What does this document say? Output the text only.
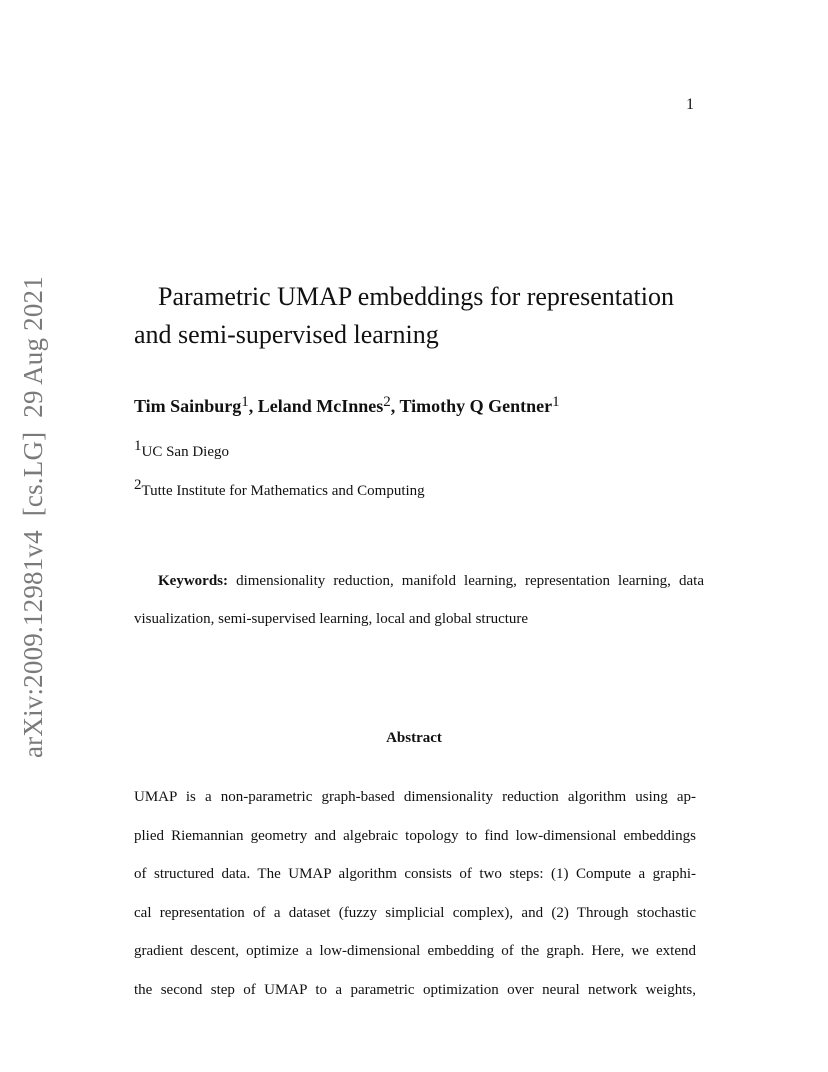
1
arXiv:2009.12981v4  [cs.LG]  29 Aug 2021	Parametric UMAP embeddings for representation
and semi-supervised learning
Tim Sainburg$^1$, Leland McInnes$^2$, Timothy Q Gentner$^1$
$^1$UC San Diego
$^2$Tutte Institute for Mathematics and Computing

Keywords: dimensionality reduction, manifold learning, representation learning, data visualization, semi-supervised learning, local and global structure

Abstract
UMAP is a non-parametric graph-based dimensionality reduction algorithm using ap-
plied Riemannian geometry and algebraic topology to find low-dimensional embeddings
of structured data. The UMAP algorithm consists of two steps: (1) Compute a graphi-
cal representation of a dataset (fuzzy simplicial complex), and (2) Through stochastic
gradient descent, optimize a low-dimensional embedding of the graph. Here, we extend
the second step of UMAP to a parametric optimization over neural network weights,
